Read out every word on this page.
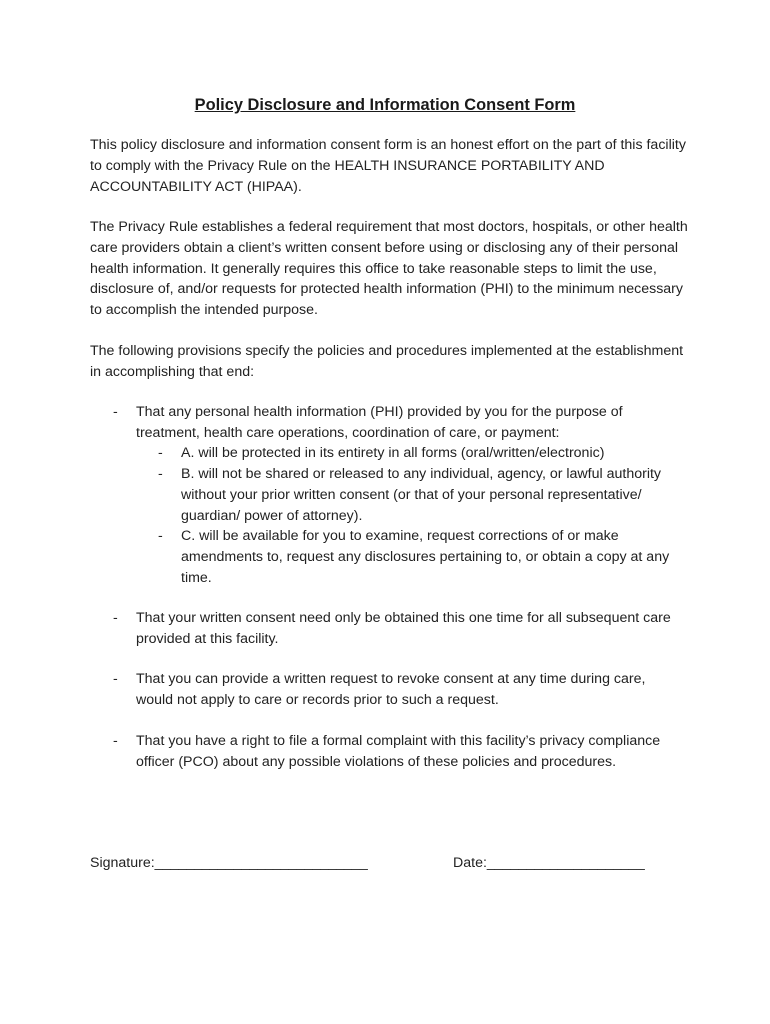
Policy Disclosure and Information Consent Form

This policy disclosure and information consent form is an honest effort on the part of this facility to comply with the Privacy Rule on the HEALTH INSURANCE PORTABILITY AND ACCOUNTABILITY ACT (HIPAA).

The Privacy Rule establishes a federal requirement that most doctors, hospitals, or other health care providers obtain a client’s written consent before using or disclosing any of their personal health information. It generally requires this office to take reasonable steps to limit the use, disclosure of, and/or requests for protected health information (PHI) to the minimum necessary to accomplish the intended purpose.

The following provisions specify the policies and procedures implemented at the establishment in accomplishing that end:

- That any personal health information (PHI) provided by you for the purpose of treatment, health care operations, coordination of care, or payment:
- A. will be protected in its entirety in all forms (oral/written/electronic)
- B. will not be shared or released to any individual, agency, or lawful authority without your prior written consent (or that of your personal representative/ guardian/ power of attorney).
- C. will be available for you to examine, request corrections of or make amendments to, request any disclosures pertaining to, or obtain a copy at any time.
- That your written consent need only be obtained this one time for all subsequent care provided at this facility.
- That you can provide a written request to revoke consent at any time during care, would not apply to care or records prior to such a request.
- That you have a right to file a formal complaint with this facility’s privacy compliance officer (PCO) about any possible violations of these policies and procedures.
Signature:___________________________	Date:____________________
